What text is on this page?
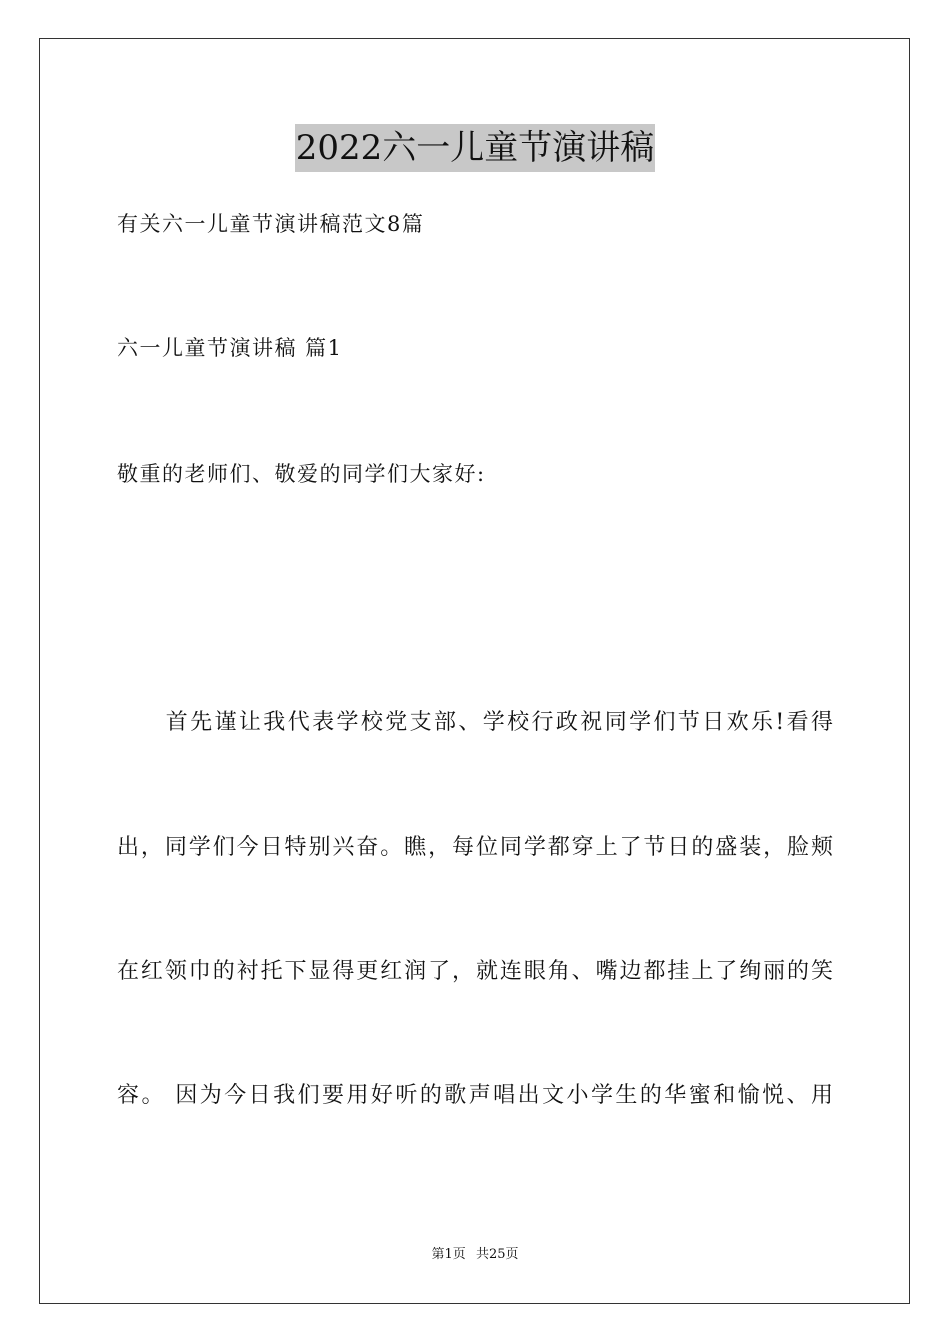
2022六一儿童节演讲稿
有关六一儿童节演讲稿范文8篇
六一儿童节演讲稿 篇1
敬重的老师们、敬爱的同学们大家好:
　　首先谨让我代表学校党支部、学校行政祝同学们节日欢乐!看得
出，同学们今日特别兴奋。瞧，每位同学都穿上了节日的盛装，脸颊
在红领巾的衬托下显得更红润了，就连眼角、嘴边都挂上了绚丽的笑
容。 因为今日我们要用好听的歌声唱出文小学生的华蜜和愉悦、用
第1页 共25页
